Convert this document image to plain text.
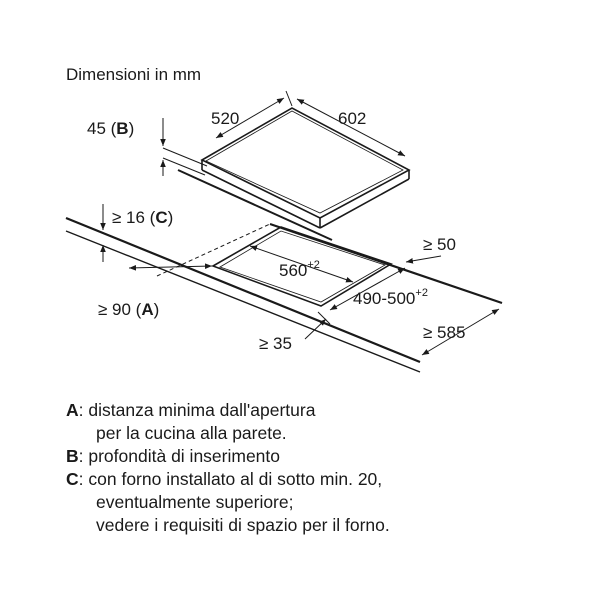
Dimensioni in mm
520	602
45 (B)
$560^{+2}$
$490-500^{+2}$
≥ 16 (C)
≥ 50
≥ 90 (A)
≥ 35
≥ 585
A: distanza minima dall'apertura
per la cucina alla parete.
B: profondità di inserimento
C: con forno installato al di sotto min. 20,
eventualmente superiore;
vedere i requisiti di spazio per il forno.
